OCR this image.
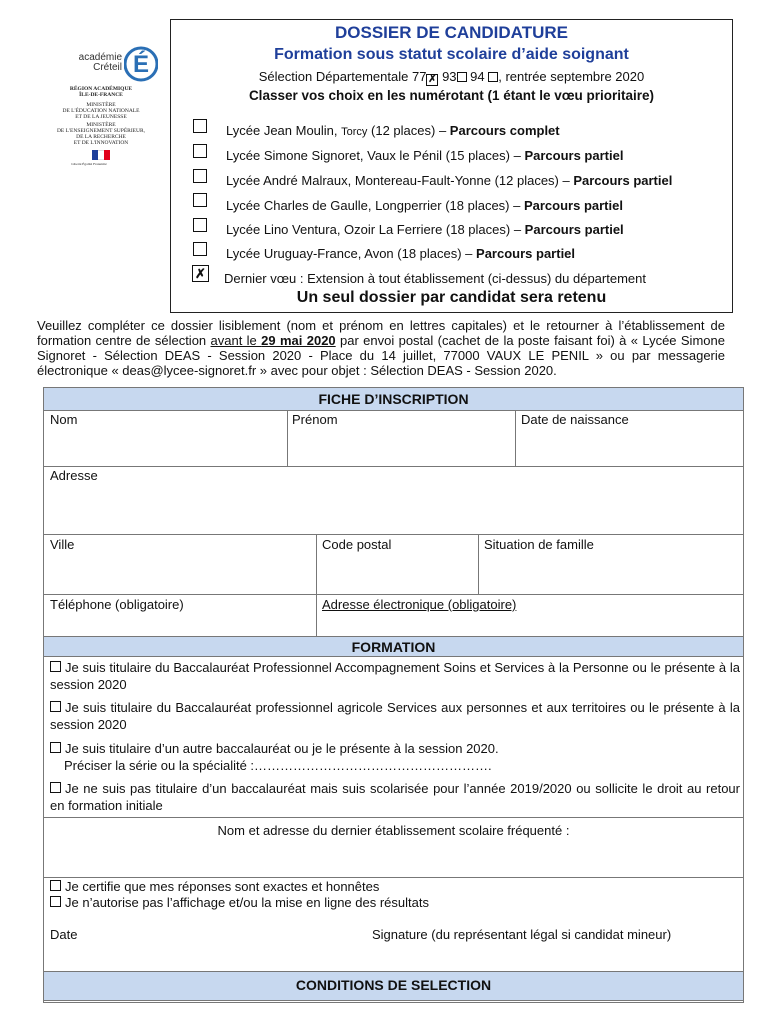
académie
Créteil É
RÉGION ACADÉMIQUE
ÎLE-DE-FRANCE
MINISTÈRE
DE L'ÉDUCATION NATIONALE
ET DE LA JEUNESSE
MINISTÈRE
DE L'ENSEIGNEMENT SUPÉRIEUR,
DE LA RECHERCHE
ET DE L'INNOVATION
Liberté Égalité Fraternité
DOSSIER DE CANDIDATURE
Formation sous statut scolaire d’aide soignant
Sélection Départementale 77 ✗ 93 94 , rentrée septembre 2020
Classer vos choix en les numérotant (1 étant le vœu prioritaire)
Lycée Jean Moulin, Torcy (12 places) – Parcours complet
Lycée Simone Signoret, Vaux le Pénil (15 places) – Parcours partiel
Lycée André Malraux, Montereau-Fault-Yonne (12 places) – Parcours partiel
Lycée Charles de Gaulle, Longperrier (18 places) – Parcours partiel
Lycée Lino Ventura, Ozoir La Ferriere (18 places) – Parcours partiel
Lycée Uruguay-France, Avon (18 places) – Parcours partiel
✗ Dernier vœu : Extension à tout établissement (ci-dessus) du département
Un seul dossier par candidat sera retenu
Veuillez compléter ce dossier lisiblement (nom et prénom en lettres capitales) et le retourner à l’établissement de formation centre de sélection avant le 29 mai 2020 par envoi postal (cachet de la poste faisant foi) à « Lycée Simone Signoret - Sélection DEAS - Session 2020 - Place du 14 juillet, 77000 VAUX LE PENIL » ou par messagerie électronique « deas@lycee-signoret.fr » avec pour objet : Sélection DEAS - Session 2020.
FICHE D’INSCRIPTION
Nom	Prénom	Date de naissance
Adresse
Ville	Code postal	Situation de famille
Téléphone (obligatoire)	Adresse électronique (obligatoire)
FORMATION
Je suis titulaire du Baccalauréat Professionnel Accompagnement Soins et Services à la Personne ou le présente à la session 2020
Je suis titulaire du Baccalauréat professionnel agricole Services aux personnes et aux territoires ou le présente à la session 2020
Je suis titulaire d’un autre baccalauréat ou je le présente à la session 2020.
Préciser la série ou la spécialité :……………………………………………….
Je ne suis pas titulaire d’un baccalauréat mais suis scolarisée pour l’année 2019/2020 ou sollicite le droit au retour en formation initiale
Nom et adresse du dernier établissement scolaire fréquenté :
Je certifie que mes réponses sont exactes et honnêtes
Je n’autorise pas l’affichage et/ou la mise en ligne des résultats
Date	Signature (du représentant légal si candidat mineur)
CONDITIONS DE SELECTION
